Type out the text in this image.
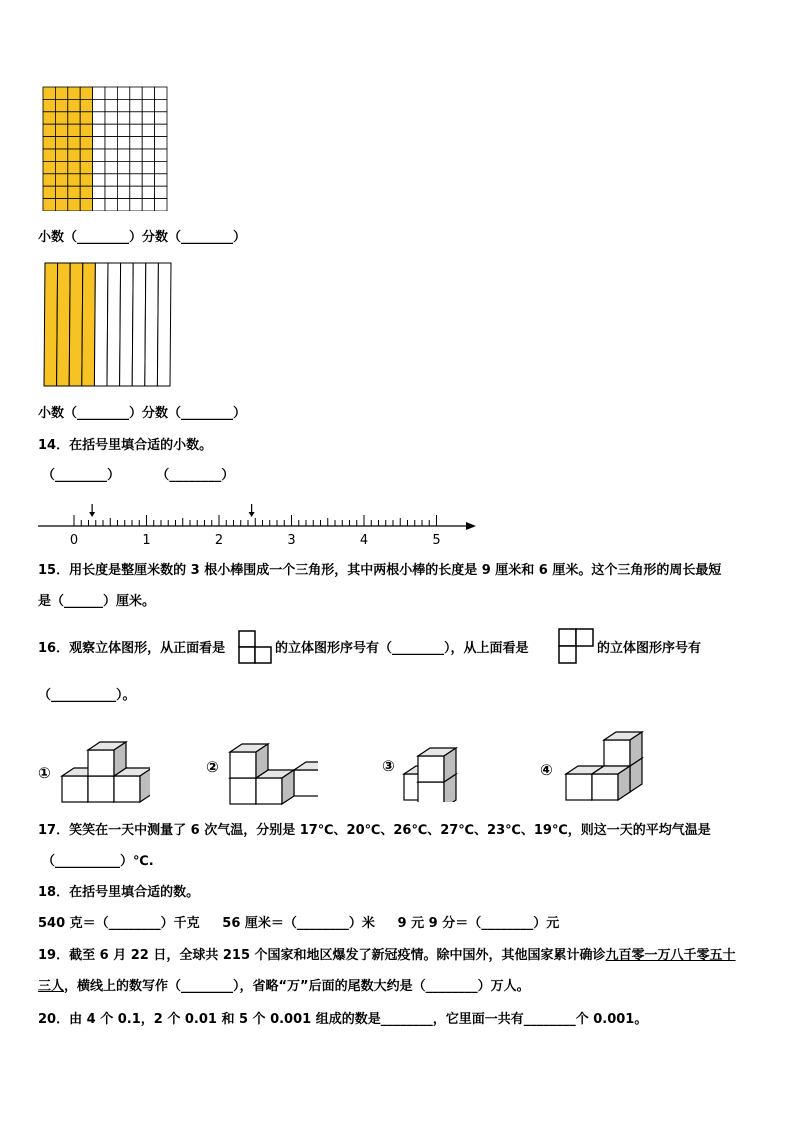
小数（________）分数（________）
小数（________）分数（________）
14．在括号里填合适的小数。
（________）        （________）
0	1	2	3	4	5
15．用长度是整厘米数的 3 根小棒围成一个三角形，其中两根小棒的长度是 9 厘米和 6 厘米。这个三角形的周长最短
是（______）厘米。
16．观察立体图形，从正面看是	的立体图形序号有（________），从上面看是	的立体图形序号有
（__________）。
①	②	③	④
17．笑笑在一天中测量了 6 次气温，分别是 17℃、20℃、26℃、27℃、23℃、19℃，则这一天的平均气温是
（__________）℃.
18．在括号里填合适的数。
540 克＝（________）千克     56 厘米＝（________）米     9 元 9 分＝（________）元
19．截至 6 月 22 日，全球共 215 个国家和地区爆发了新冠疫情。除中国外，其他国家累计确诊九百零一万八千零五十
三人，横线上的数写作（________），省略“万”后面的尾数大约是（________）万人。
20．由 4 个 0.1，2 个 0.01 和 5 个 0.001 组成的数是________，它里面一共有________个 0.001。
